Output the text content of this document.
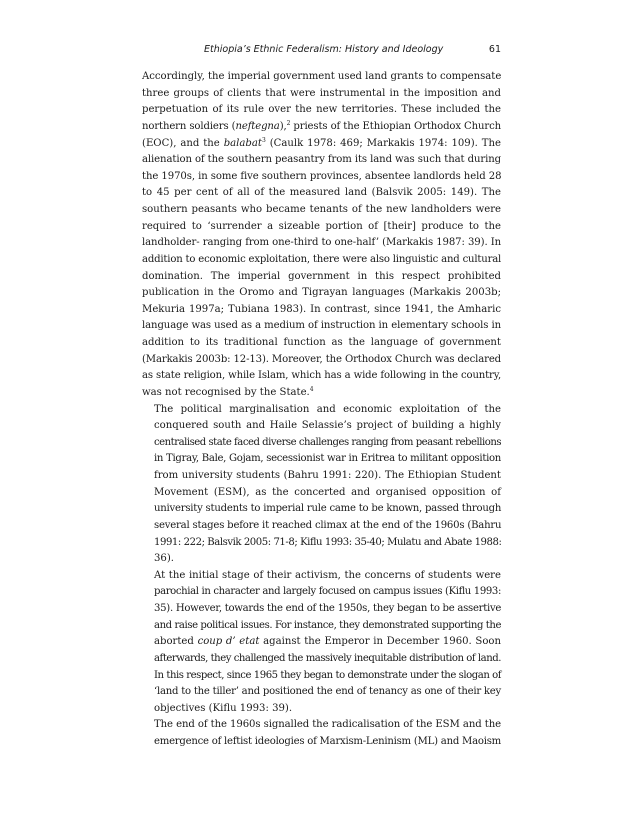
Ethiopia’s Ethnic Federalism: History and Ideology	61

Accordingly, the imperial government used land grants to compensate
three groups of clients that were instrumental in the imposition and
perpetuation of its rule over the new territories. These included the
northern soldiers (neftegna),$^2$ priests of the Ethiopian Orthodox Church
(EOC), and the balabat$^3$ (Caulk 1978: 469; Markakis 1974: 109). The
alienation of the southern peasantry from its land was such that during
the 1970s, in some five southern provinces, absentee landlords held 28
to 45 per cent of all of the measured land (Balsvik 2005: 149). The
southern peasants who became tenants of the new landholders were
required to ‘surrender a sizeable portion of [their] produce to the
landholder- ranging from one-third to one-half’ (Markakis 1987: 39). In
addition to economic exploitation, there were also linguistic and cultural
domination. The imperial government in this respect prohibited
publication in the Oromo and Tigrayan languages (Markakis 2003b;
Mekuria 1997a; Tubiana 1983). In contrast, since 1941, the Amharic
language was used as a medium of instruction in elementary schools in
addition to its traditional function as the language of government
(Markakis 2003b: 12-13). Moreover, the Orthodox Church was declared
as state religion, while Islam, which has a wide following in the country,
was not recognised by the State.$^4$

The political marginalisation and economic exploitation of the
conquered south and Haile Selassie’s project of building a highly
centralised state faced diverse challenges ranging from peasant rebellions
in Tigray, Bale, Gojam, secessionist war in Eritrea to militant opposition
from university students (Bahru 1991: 220). The Ethiopian Student
Movement (ESM), as the concerted and organised opposition of
university students to imperial rule came to be known, passed through
several stages before it reached climax at the end of the 1960s (Bahru
1991: 222; Balsvik 2005: 71-8; Kiflu 1993: 35-40; Mulatu and Abate 1988:
36).

At the initial stage of their activism, the concerns of students were
parochial in character and largely focused on campus issues (Kiflu 1993:
35). However, towards the end of the 1950s, they began to be assertive
and raise political issues. For instance, they demonstrated supporting the
aborted coup d’ etat against the Emperor in December 1960. Soon
afterwards, they challenged the massively inequitable distribution of land.
In this respect, since 1965 they began to demonstrate under the slogan of
‘land to the tiller’ and positioned the end of tenancy as one of their key
objectives (Kiflu 1993: 39).

The end of the 1960s signalled the radicalisation of the ESM and the
emergence of leftist ideologies of Marxism-Leninism (ML) and Maoism
